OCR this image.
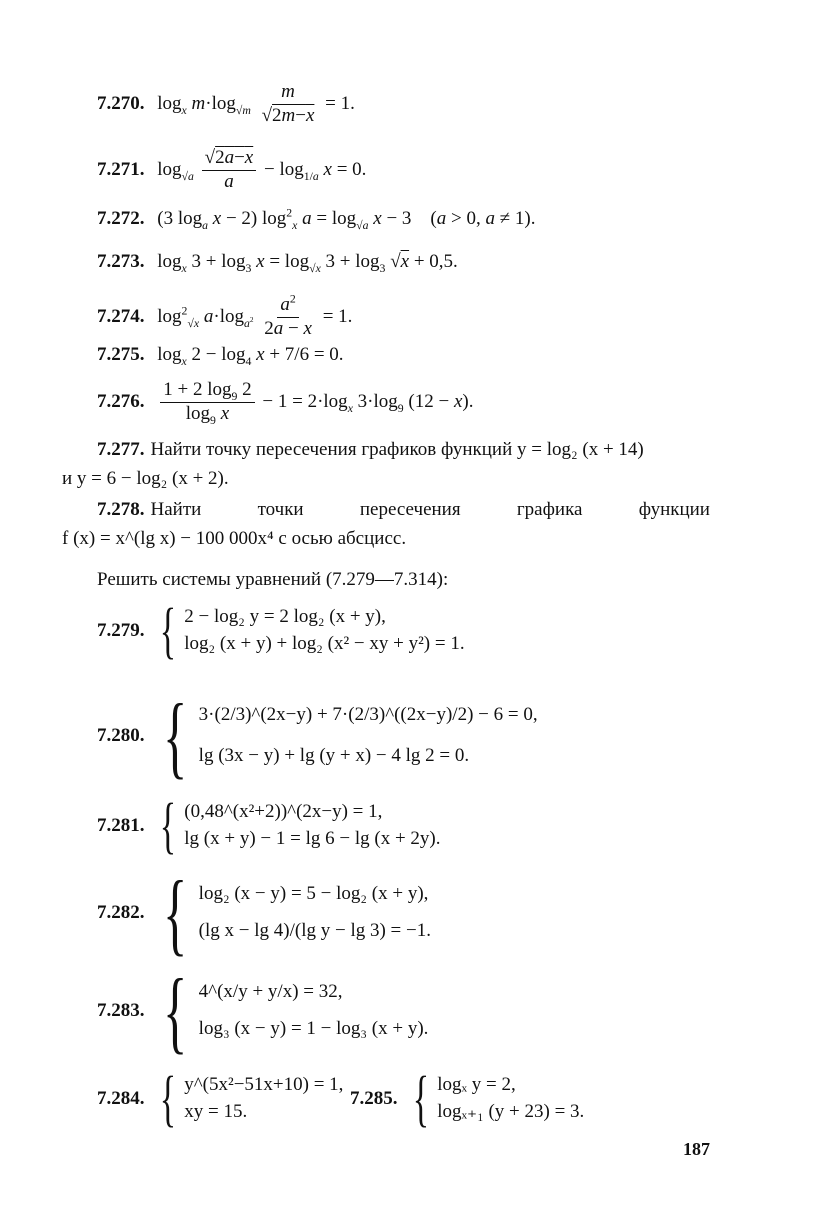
7.270. $\log_x m\cdot\log_{√m} \frac{m}{√2m-x} = 1$.
7.271. $\log_{√a} \frac{√2a-x}{a} - \log_{1/a} x = 0$.
7.272. (3 $\log_a x - 2$) $\log^2_x a = \log_{√a} x - 3$    (a > 0, a ≠ 1).
7.273. $\log_x 3 + \log_3 x = \log_{√x} 3 + \log_3 √x + 0,5$.
7.274. $\log^2_{√x} a\cdot\log_{a^2} \frac{a^2}{2a - x} = 1$.
7.275. $\log_x 2 - \log_4 x + 7/6 = 0$.
7.276. $\frac{1 + 2 \log_9 2}{\log_9 x} - 1 = 2\cdot\log_x$ $3\cdot\log_9$ (12 − x).
7.277. Найти точку пересечения графиков функций y = log₂ (x + 14)
и y = 6 − log₂ (x + 2).
7.278. Найти	точки	пересечения	графика	функции
f (x) = x^(lg x) − 100 000x⁴ с осью абсцисс.
Решить системы уравнений (7.279—7.314):
7.279. { 2 − log₂ y = 2 log₂ (x + y),
log₂ (x + y) + log₂ (x² − xy + y²) = 1.
7.280. { 3·(2/3)^(2x−y) + 7·(2/3)^((2x−y)/2) − 6 = 0,
lg (3x − y) + lg (y + x) − 4 lg 2 = 0.
7.281. { (0,48^(x²+2))^(2x−y) = 1,
lg (x + y) − 1 = lg 6 − lg (x + 2y).
7.282. { log₂ (x − y) = 5 − log₂ (x + y),
(lg x − lg 4)/(lg y − lg 3) = −1.
7.283. { 4^(x/y + y/x) = 32,
log₃ (x − y) = 1 − log₃ (x + y).
7.284. { y^(5x²−51x+10) = 1,
xy = 15.
7.285. { logₓ y = 2,
logₓ₊₁ (y + 23) = 3.
187
